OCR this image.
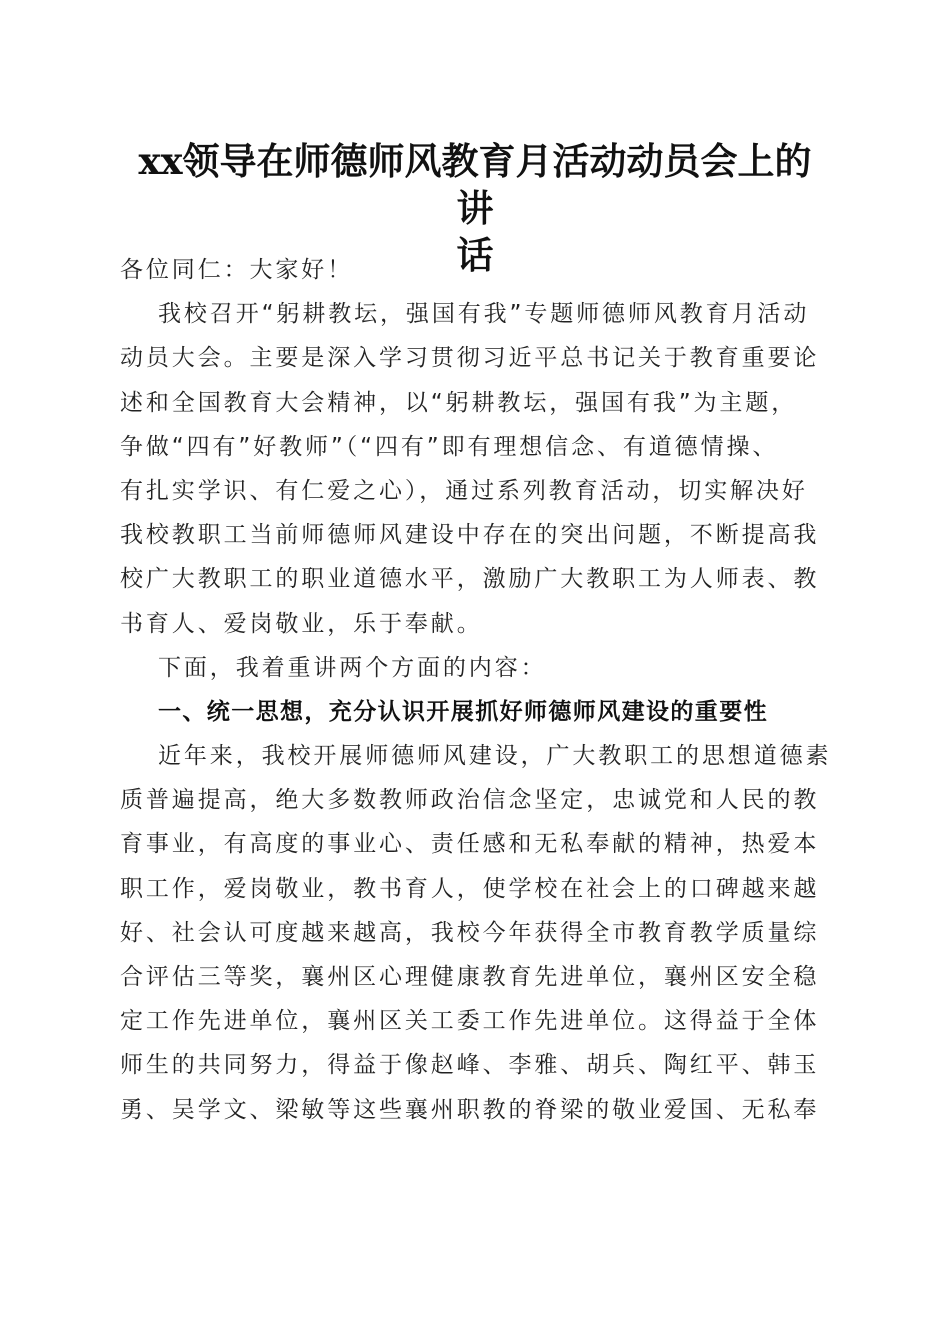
xx领导在师德师风教育月活动动员会上的讲
话
各位同仁：大家好！
我校召开“躬耕教坛，强国有我”专题师德师风教育月活动
动员大会。主要是深入学习贯彻习近平总书记关于教育重要论
述和全国教育大会精神，以“躬耕教坛，强国有我”为主题，
争做“四有”好教师”（“四有”即有理想信念、有道德情操、
有扎实学识、有仁爱之心），通过系列教育活动，切实解决好
我校教职工当前师德师风建设中存在的突出问题，不断提高我
校广大教职工的职业道德水平，激励广大教职工为人师表、教
书育人、爱岗敬业，乐于奉献。
下面，我着重讲两个方面的内容：
一、统一思想，充分认识开展抓好师德师风建设的重要性
近年来，我校开展师德师风建设，广大教职工的思想道德素
质普遍提高，绝大多数教师政治信念坚定，忠诚党和人民的教
育事业，有高度的事业心、责任感和无私奉献的精神，热爱本
职工作，爱岗敬业，教书育人，使学校在社会上的口碑越来越
好、社会认可度越来越高，我校今年获得全市教育教学质量综
合评估三等奖，襄州区心理健康教育先进单位，襄州区安全稳
定工作先进单位，襄州区关工委工作先进单位。这得益于全体
师生的共同努力，得益于像赵峰、李雅、胡兵、陶红平、韩玉
勇、吴学文、梁敏等这些襄州职教的脊梁的敬业爱国、无私奉
